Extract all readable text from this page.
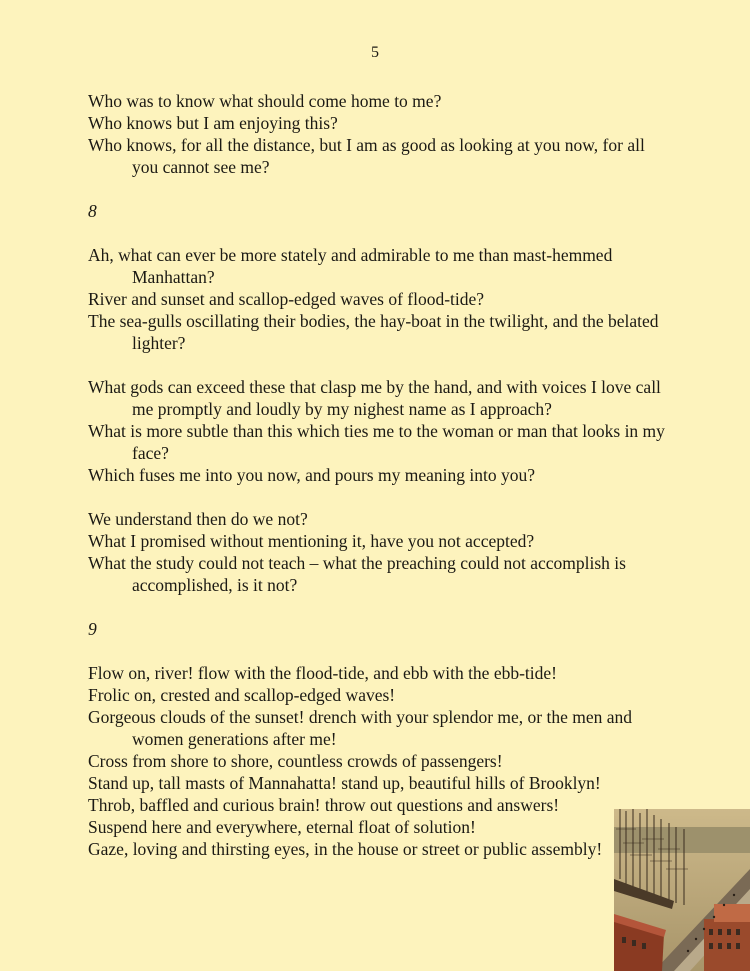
5
Who was to know what should come home to me?
Who knows but I am enjoying this?
Who knows, for all the distance, but I am as good as looking at you now, for all you cannot see me?
8
Ah, what can ever be more stately and admirable to me than mast-hemmed Manhattan?
River and sunset and scallop-edged waves of flood-tide?
The sea-gulls oscillating their bodies, the hay-boat in the twilight, and the belated lighter?
What gods can exceed these that clasp me by the hand, and with voices I love call me promptly and loudly by my nighest name as I approach?
What is more subtle than this which ties me to the woman or man that looks in my face?
Which fuses me into you now, and pours my meaning into you?
We understand then do we not?
What I promised without mentioning it, have you not accepted?
What the study could not teach – what the preaching could not accomplish is accomplished, is it not?
9
Flow on, river! flow with the flood-tide, and ebb with the ebb-tide!
Frolic on, crested and scallop-edged waves!
Gorgeous clouds of the sunset! drench with your splendor me, or the men and women generations after me!
Cross from shore to shore, countless crowds of passengers!
Stand up, tall masts of Mannahatta! stand up, beautiful hills of Brooklyn!
Throb, baffled and curious brain! throw out questions and answers!
Suspend here and everywhere, eternal float of solution!
Gaze, loving and thirsting eyes, in the house or street or public assembly!
